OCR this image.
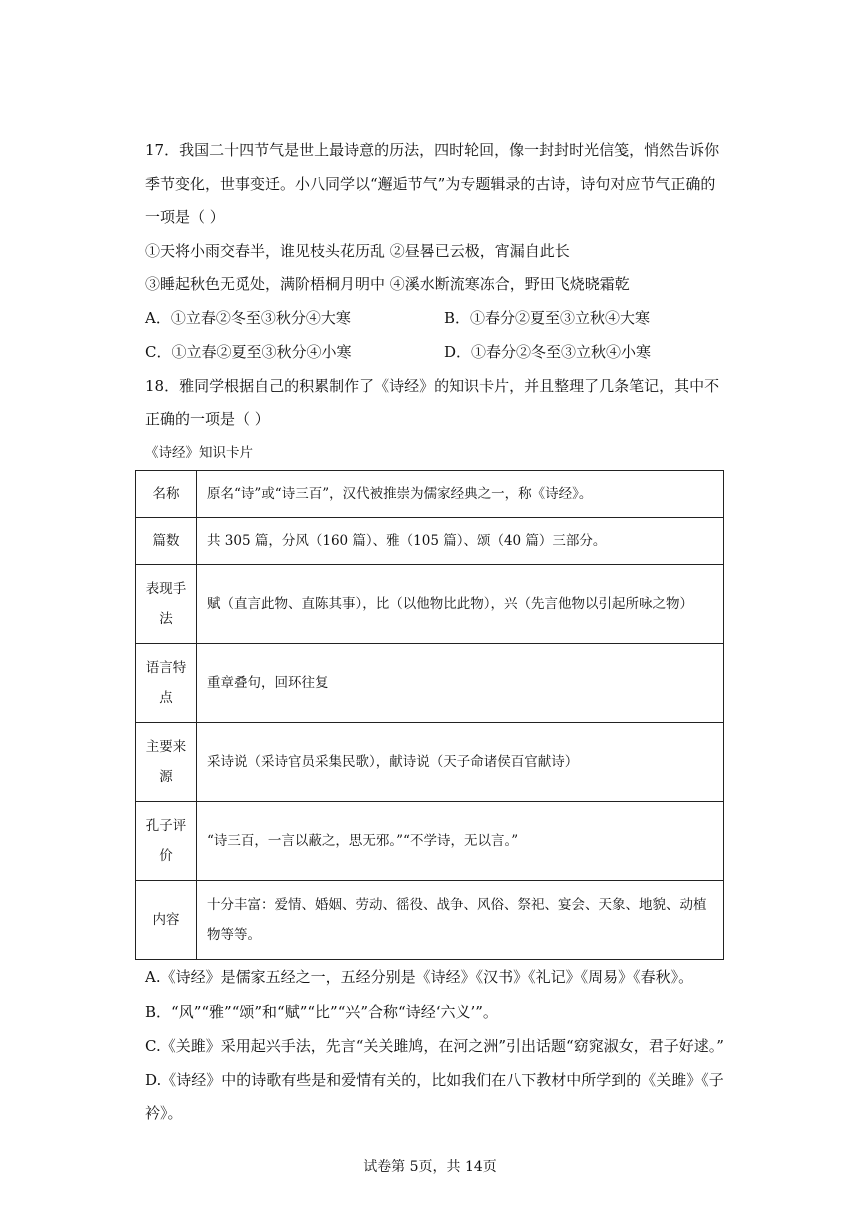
17．我国二十四节气是世上最诗意的历法，四时轮回，像一封封时光信笺，悄然告诉你
季节变化，世事变迁。小八同学以“邂逅节气”为专题辑录的古诗，诗句对应节气正确的
一项是（ ）
①天将小雨交春半，谁见枝头花历乱 ②昼晷已云极，宵漏自此长
③睡起秋色无觅处，满阶梧桐月明中 ④溪水断流寒冻合，野田飞烧晓霜乾
A．①立春②冬至③秋分④大寒	B．①春分②夏至③立秋④大寒
C．①立春②夏至③秋分④小寒	D．①春分②冬至③立秋④小寒
18．雅同学根据自己的积累制作了《诗经》的知识卡片，并且整理了几条笔记，其中不
正确的一项是（ ）
《诗经》知识卡片
名称	原名“诗”或“诗三百”，汉代被推崇为儒家经典之一，称《诗经》。
篇数	共 305 篇，分风（160 篇）、雅（105 篇）、颂（40 篇）三部分。
表现手法	赋（直言此物、直陈其事），比（以他物比此物），兴（先言他物以引起所咏之物）
语言特点	重章叠句，回环往复
主要来源	采诗说（采诗官员采集民歌），献诗说（天子命诸侯百官献诗）
孔子评价	“诗三百，一言以蔽之，思无邪。”“不学诗，无以言。”
内容	十分丰富：爱情、婚姻、劳动、徭役、战争、风俗、祭祀、宴会、天象、地貌、动植物等等。
A.《诗经》是儒家五经之一，五经分别是《诗经》《汉书》《礼记》《周易》《春秋》。
B．“风”“雅”“颂”和“赋”“比”“兴”合称“诗经‘六义’”。
C.《关雎》采用起兴手法，先言“关关雎鸠，在河之洲”引出话题“窈窕淑女，君子好逑。”
D.《诗经》中的诗歌有些是和爱情有关的，比如我们在八下教材中所学到的《关雎》《子
衿》。
试卷第 5页，共 14页
